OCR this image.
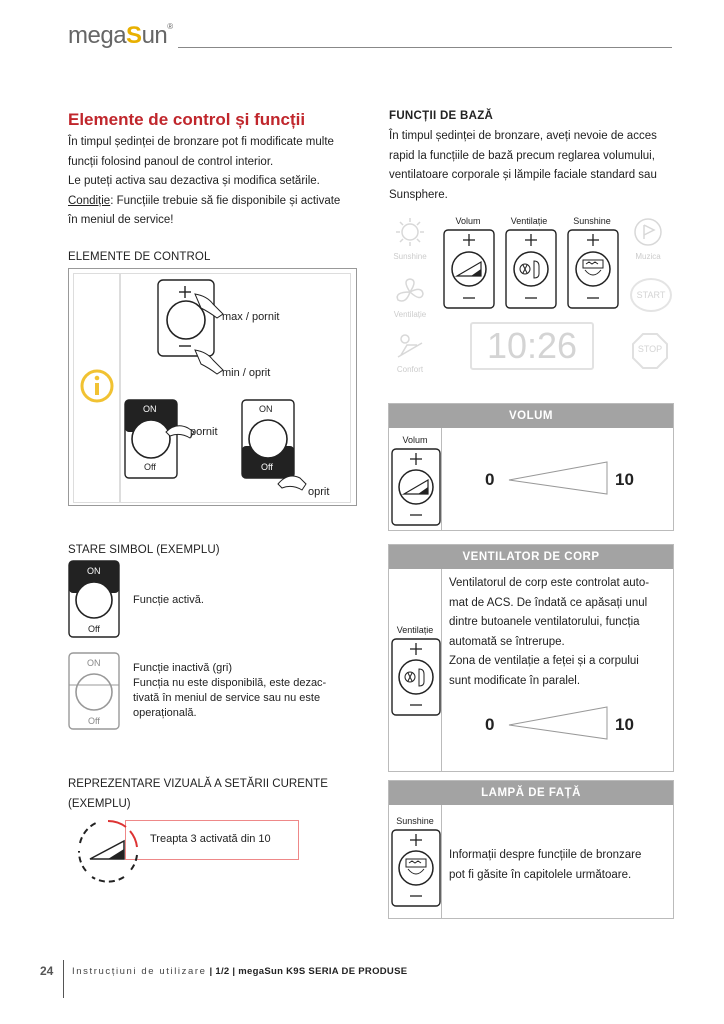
megaSun®
Elemente de control și funcții
În timpul ședinței de bronzare pot fi modificate multe
funcții folosind panoul de control interior.
Le puteți activa sau dezactiva și modifica setările.
Condiție: Funcțiile trebuie să fie disponibile și activate
în meniul de service!
ELEMENTE DE CONTROL
max / pornit
min / oprit
ON
Off
pornit
ON
Off
oprit
STARE SIMBOL (EXEMPLU)
ON
Off
Funcție activă.
ON
Off
Funcție inactivă (gri)
Funcția nu este disponibilă, este dezac-
tivată în meniul de service sau nu este
operațională.
REPREZENTARE VIZUALĂ A SETĂRII CURENTE
(EXEMPLU)
Treapta 3 activată din 10
FUNCȚII DE BAZĂ
În timpul ședinței de bronzare, aveți nevoie de acces
rapid la funcțiile de bază precum reglarea volumului,
ventilatoare corporale și lămpile faciale standard sau
Sunsphere.
Sunshine
Ventilație
Confort
Volum	Ventilație	Sunshine
10:26
Muzica
START
STOP
VOLUM
Volum
0	10
VENTILATOR DE CORP
Ventilație
Ventilatorul de corp este controlat auto-
mat de ACS. De îndată ce apăsați unul
dintre butoanele ventilatorului, funcția
automată se întrerupe.
Zona de ventilație a feței și a corpului
sunt modificate în paralel.
0	10
LAMPĂ DE FAȚĂ
Sunshine
Informații despre funcțiile de bronzare
pot fi găsite în capitolele următoare.
24 Instrucțiuni de utilizare | 1/2 | megaSun K9S SERIA DE PRODUSE
